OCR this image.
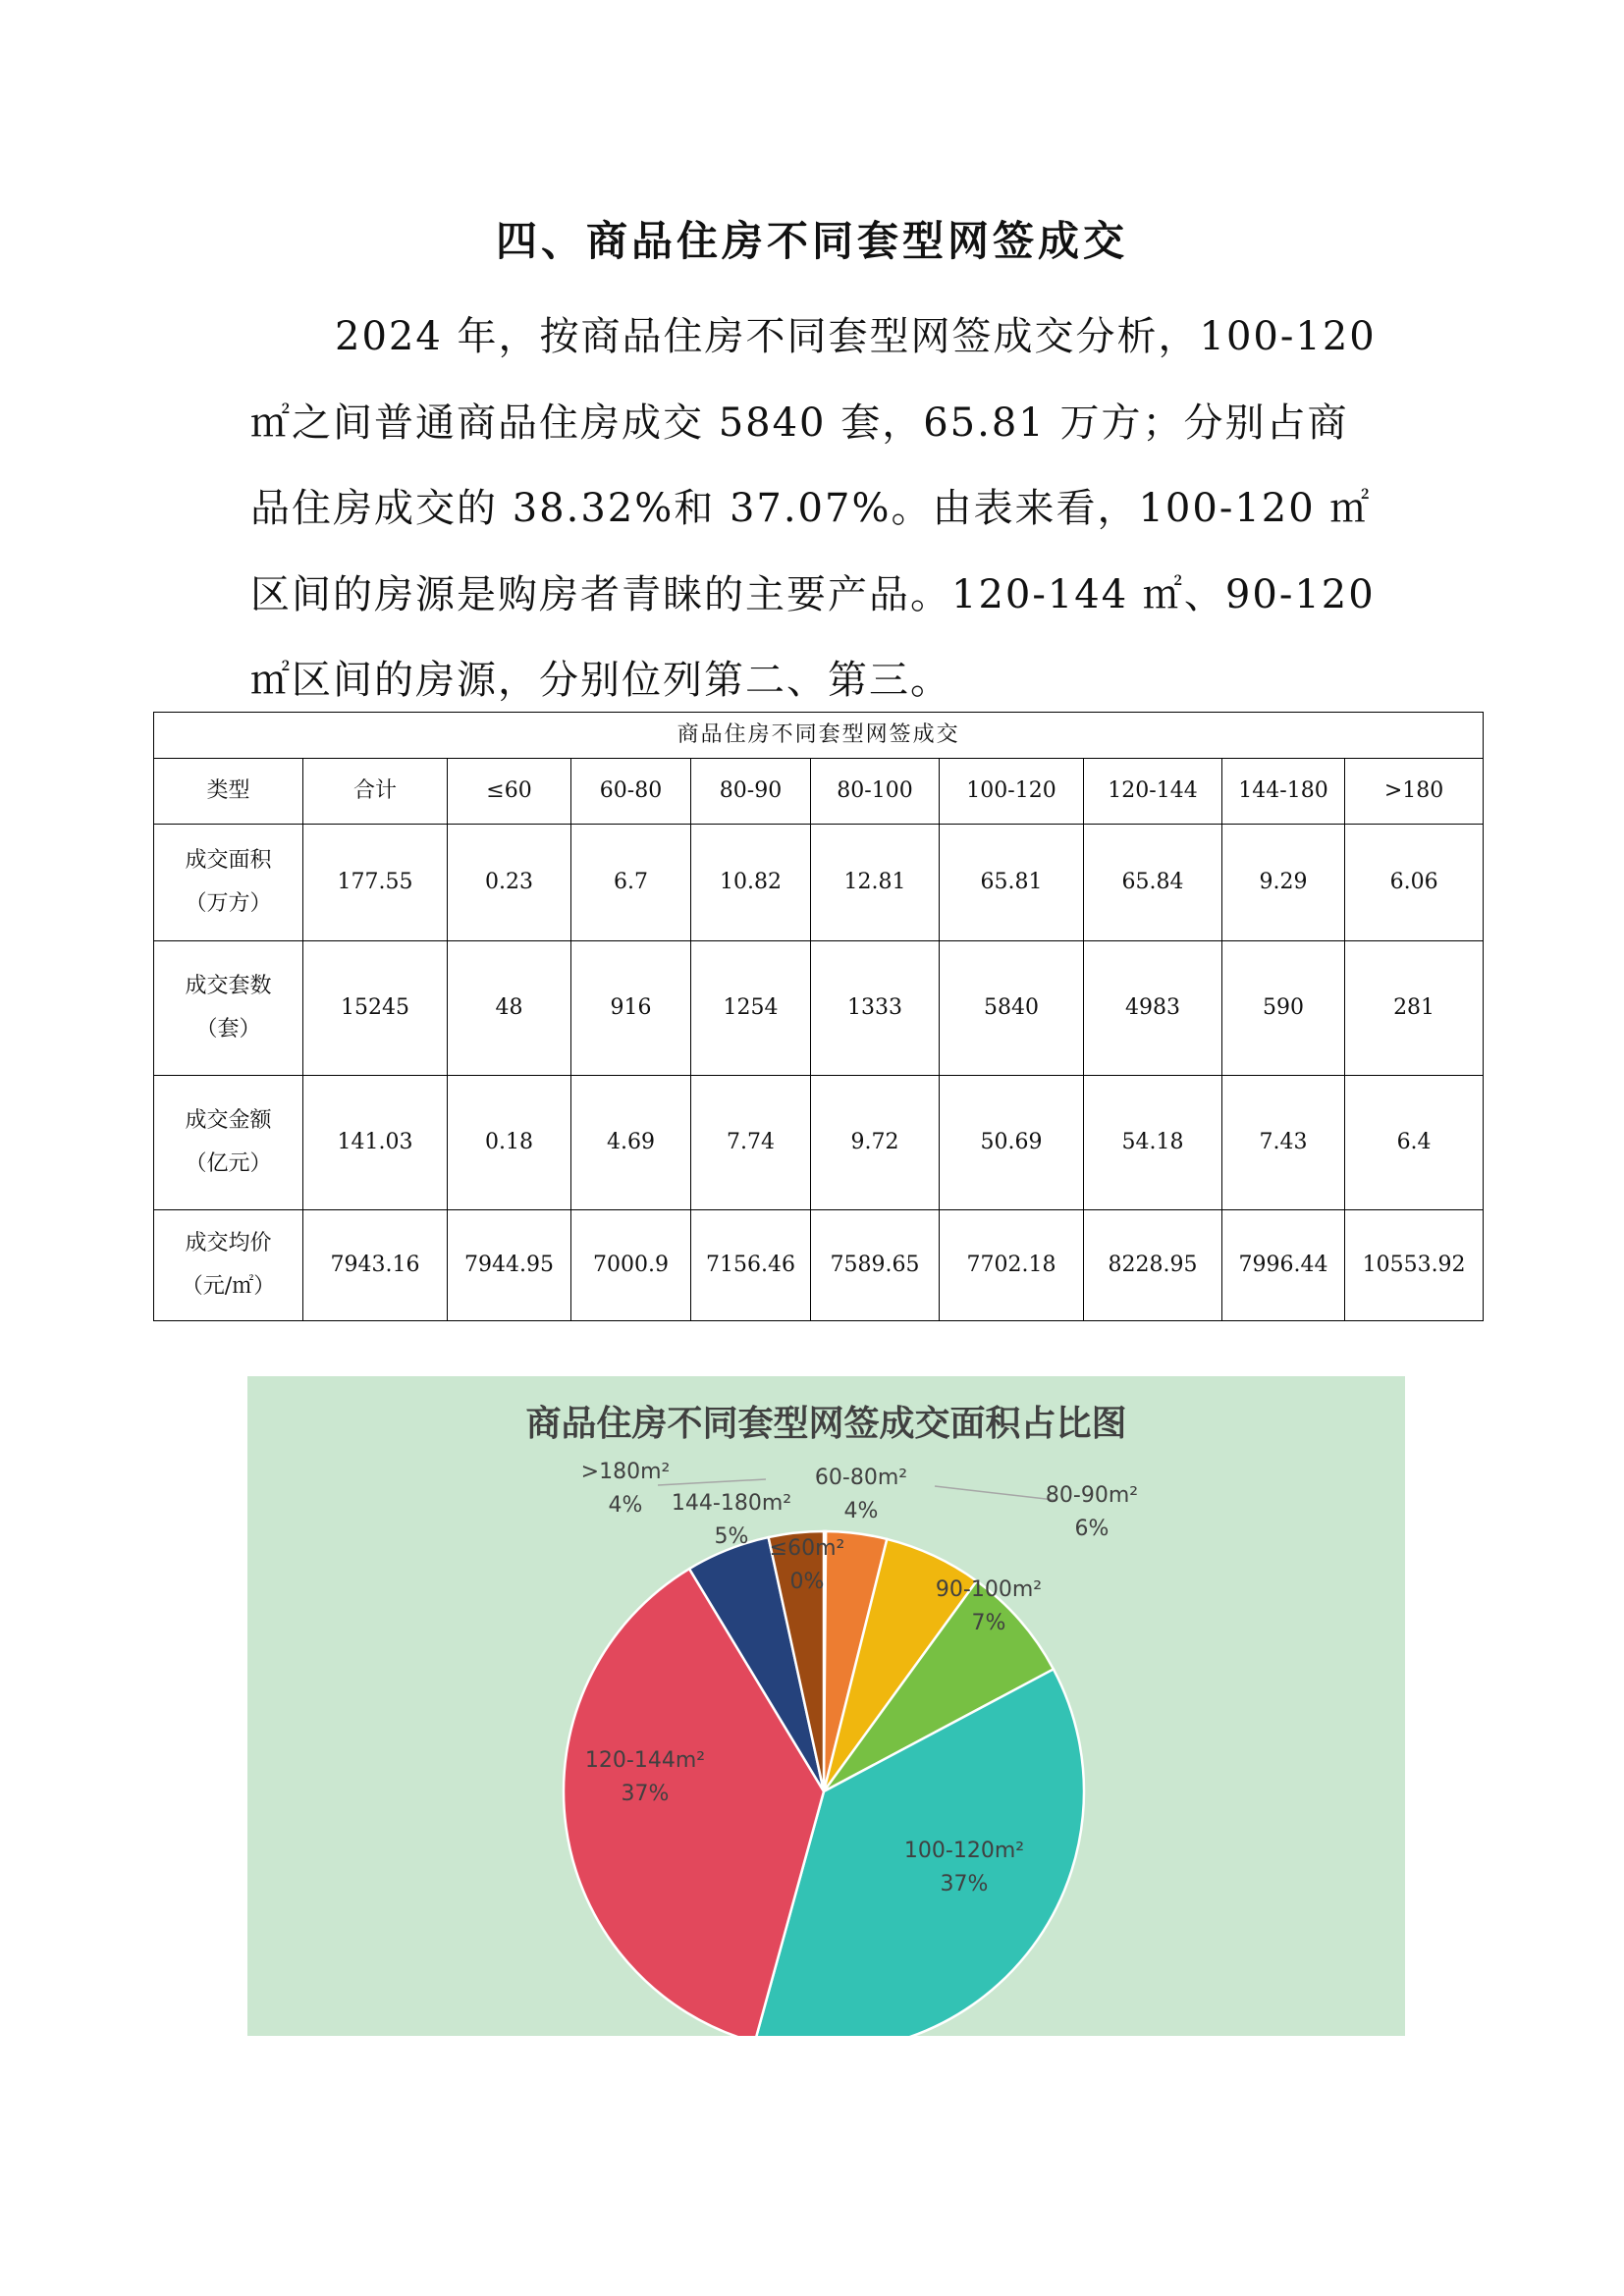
四、商品住房不同套型网签成交

2024 年，按商品住房不同套型网签成交分析，100-120 ㎡之间普通商品住房成交 5840 套，65.81 万方；分别占商品住房成交的 38.32%和 37.07%。由表来看，100-120 ㎡区间的房源是购房者青睐的主要产品。120-144 ㎡、90-120 ㎡区间的房源，分别位列第二、第三。

商品住房不同套型网签成交									
类型	合计	≤60	60-80	80-90	80-100	100-120	120-144	144-180	>180

成交面积
（万方）	177.55	0.23	6.7	10.82	12.81	65.81	65.84	9.29	6.06

成交套数
（套）	15245	48	916	1254	1333	5840	4983	590	281

成交金额
（亿元）	141.03	0.18	4.69	7.74	9.72	50.69	54.18	7.43	6.4

成交均价
（元/㎡）	7943.16	7944.95	7000.9	7156.46	7589.65	7702.18	8228.95	7996.44	10553.92
商品住房不同套型网签成交面积占比图
≤60m² 0%
60-80m² 4%
80-90m² 6%
90-100m² 7%
100-120m² 37%
120-144m² 37%
144-180m² 5%
>180m² 4%
